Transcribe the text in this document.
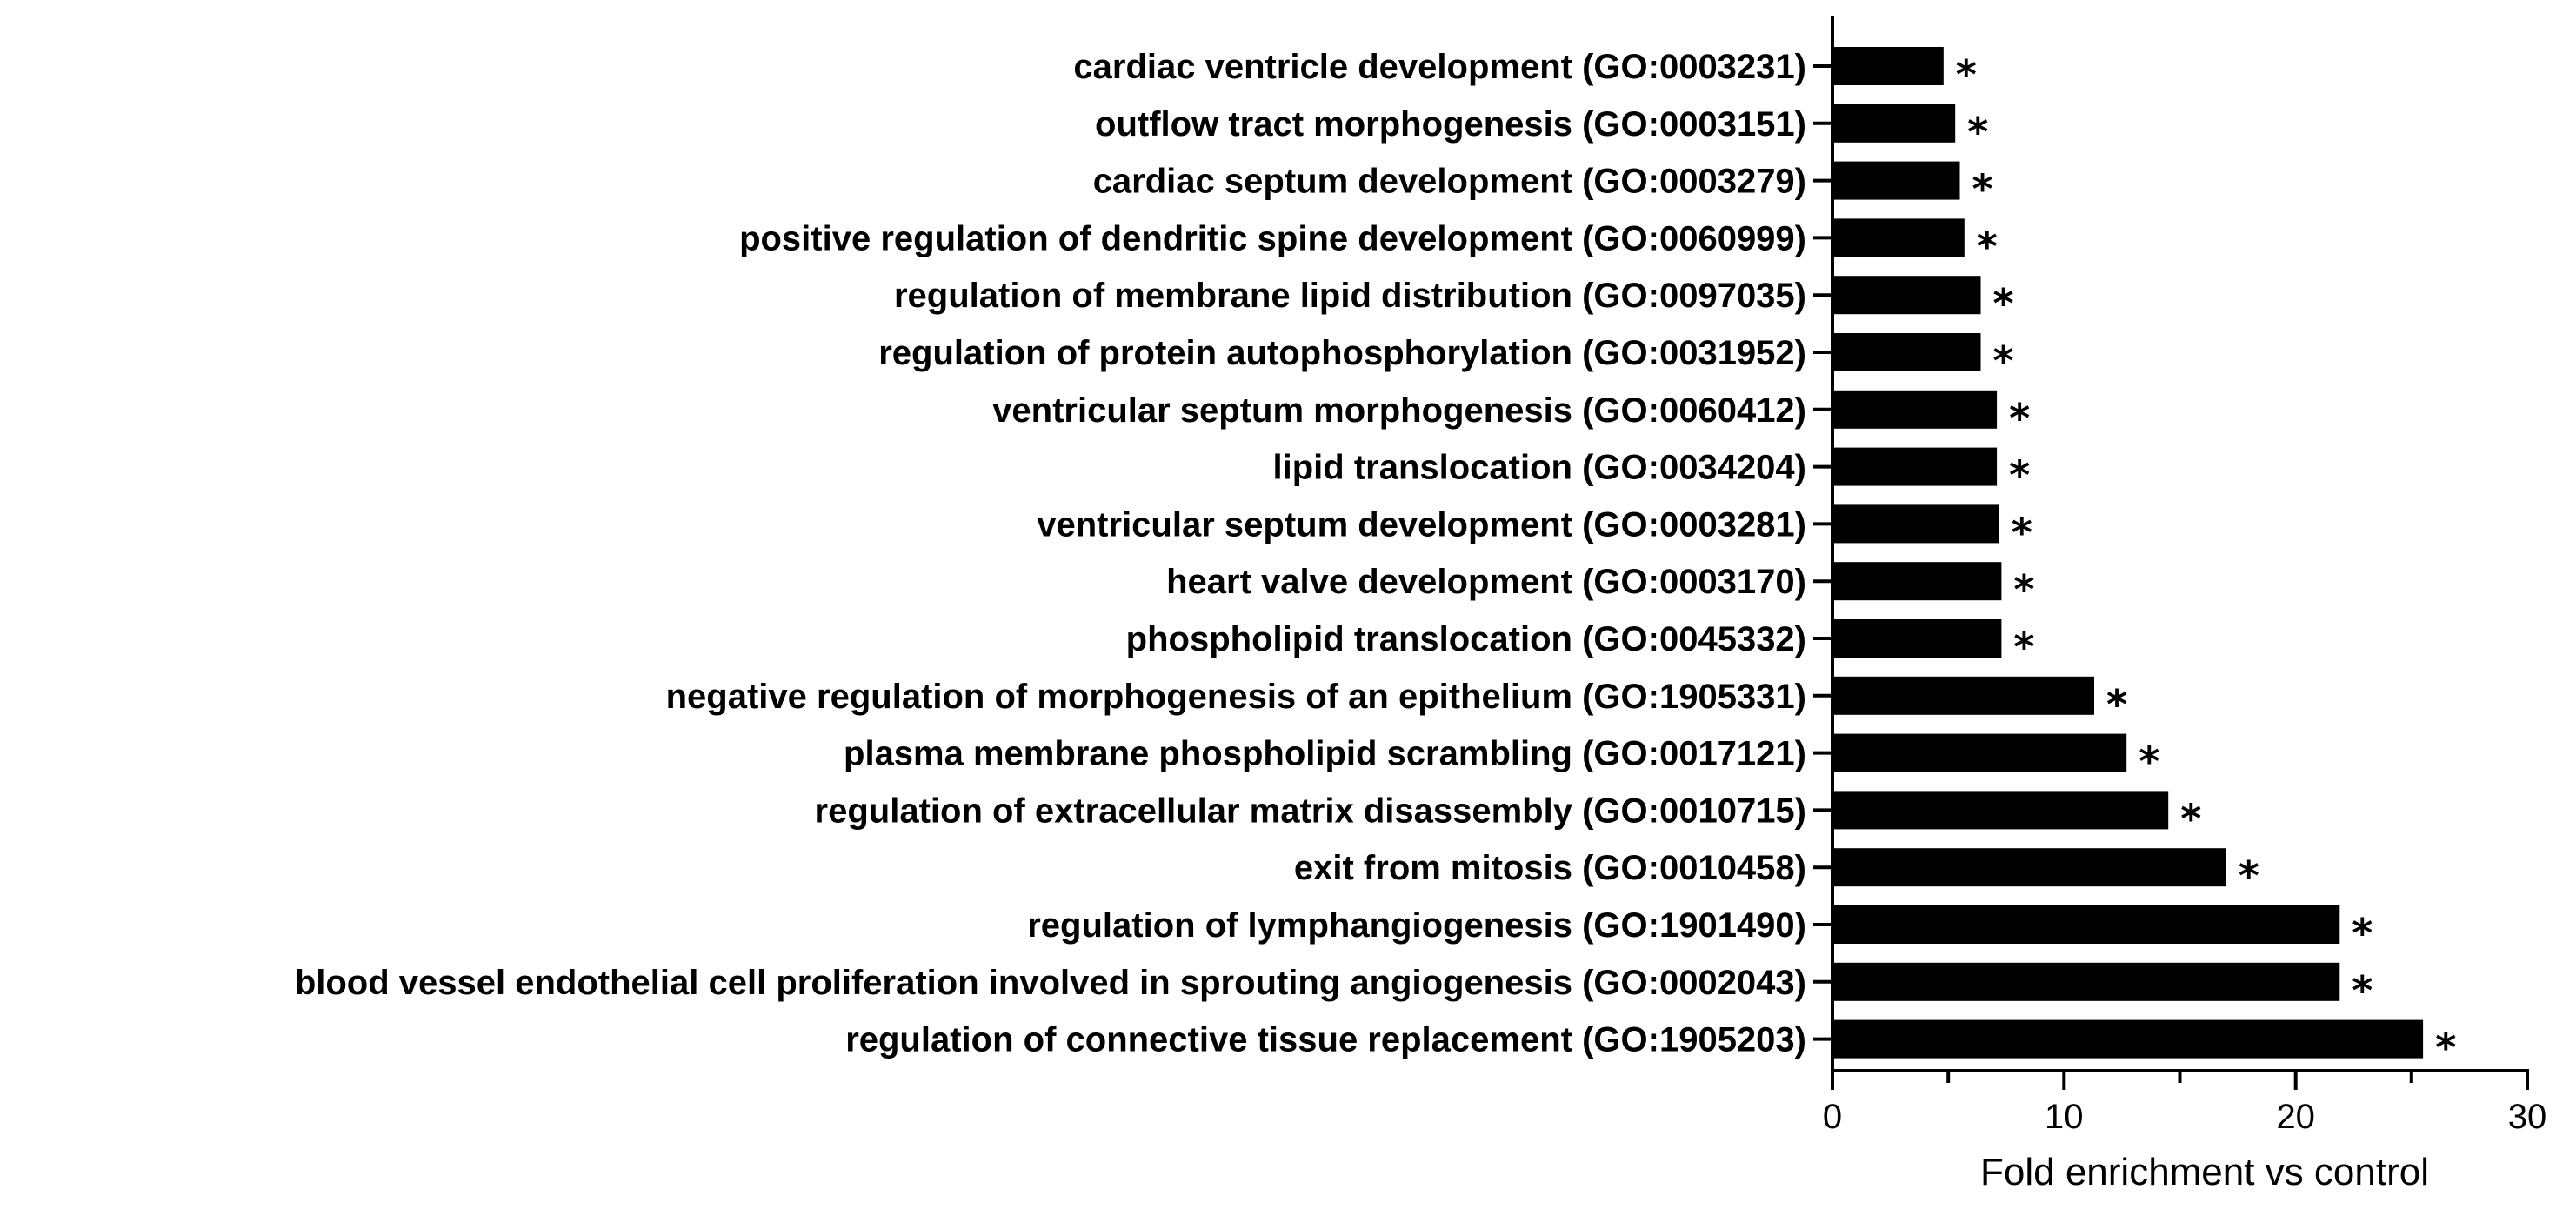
*
*
*
*
*
*
*
*
*
*
*
*
*
*
*
*
*
*
cardiac ventricle development (GO:0003231)
outflow tract morphogenesis (GO:0003151)
cardiac septum development (GO:0003279)
positive regulation of dendritic spine development (GO:0060999)
regulation of membrane lipid distribution (GO:0097035)
regulation of protein autophosphorylation (GO:0031952)
ventricular septum morphogenesis (GO:0060412)
lipid translocation (GO:0034204)
ventricular septum development (GO:0003281)
heart valve development (GO:0003170)
phospholipid translocation (GO:0045332)
negative regulation of morphogenesis of an epithelium (GO:1905331)
plasma membrane phospholipid scrambling (GO:0017121)
regulation of extracellular matrix disassembly (GO:0010715)
exit from mitosis (GO:0010458)
regulation of lymphangiogenesis (GO:1901490)
blood vessel endothelial cell proliferation involved in sprouting angiogenesis (GO:0002043)
regulation of connective tissue replacement (GO:1905203)
0	10	20	30
Fold enrichment vs control
